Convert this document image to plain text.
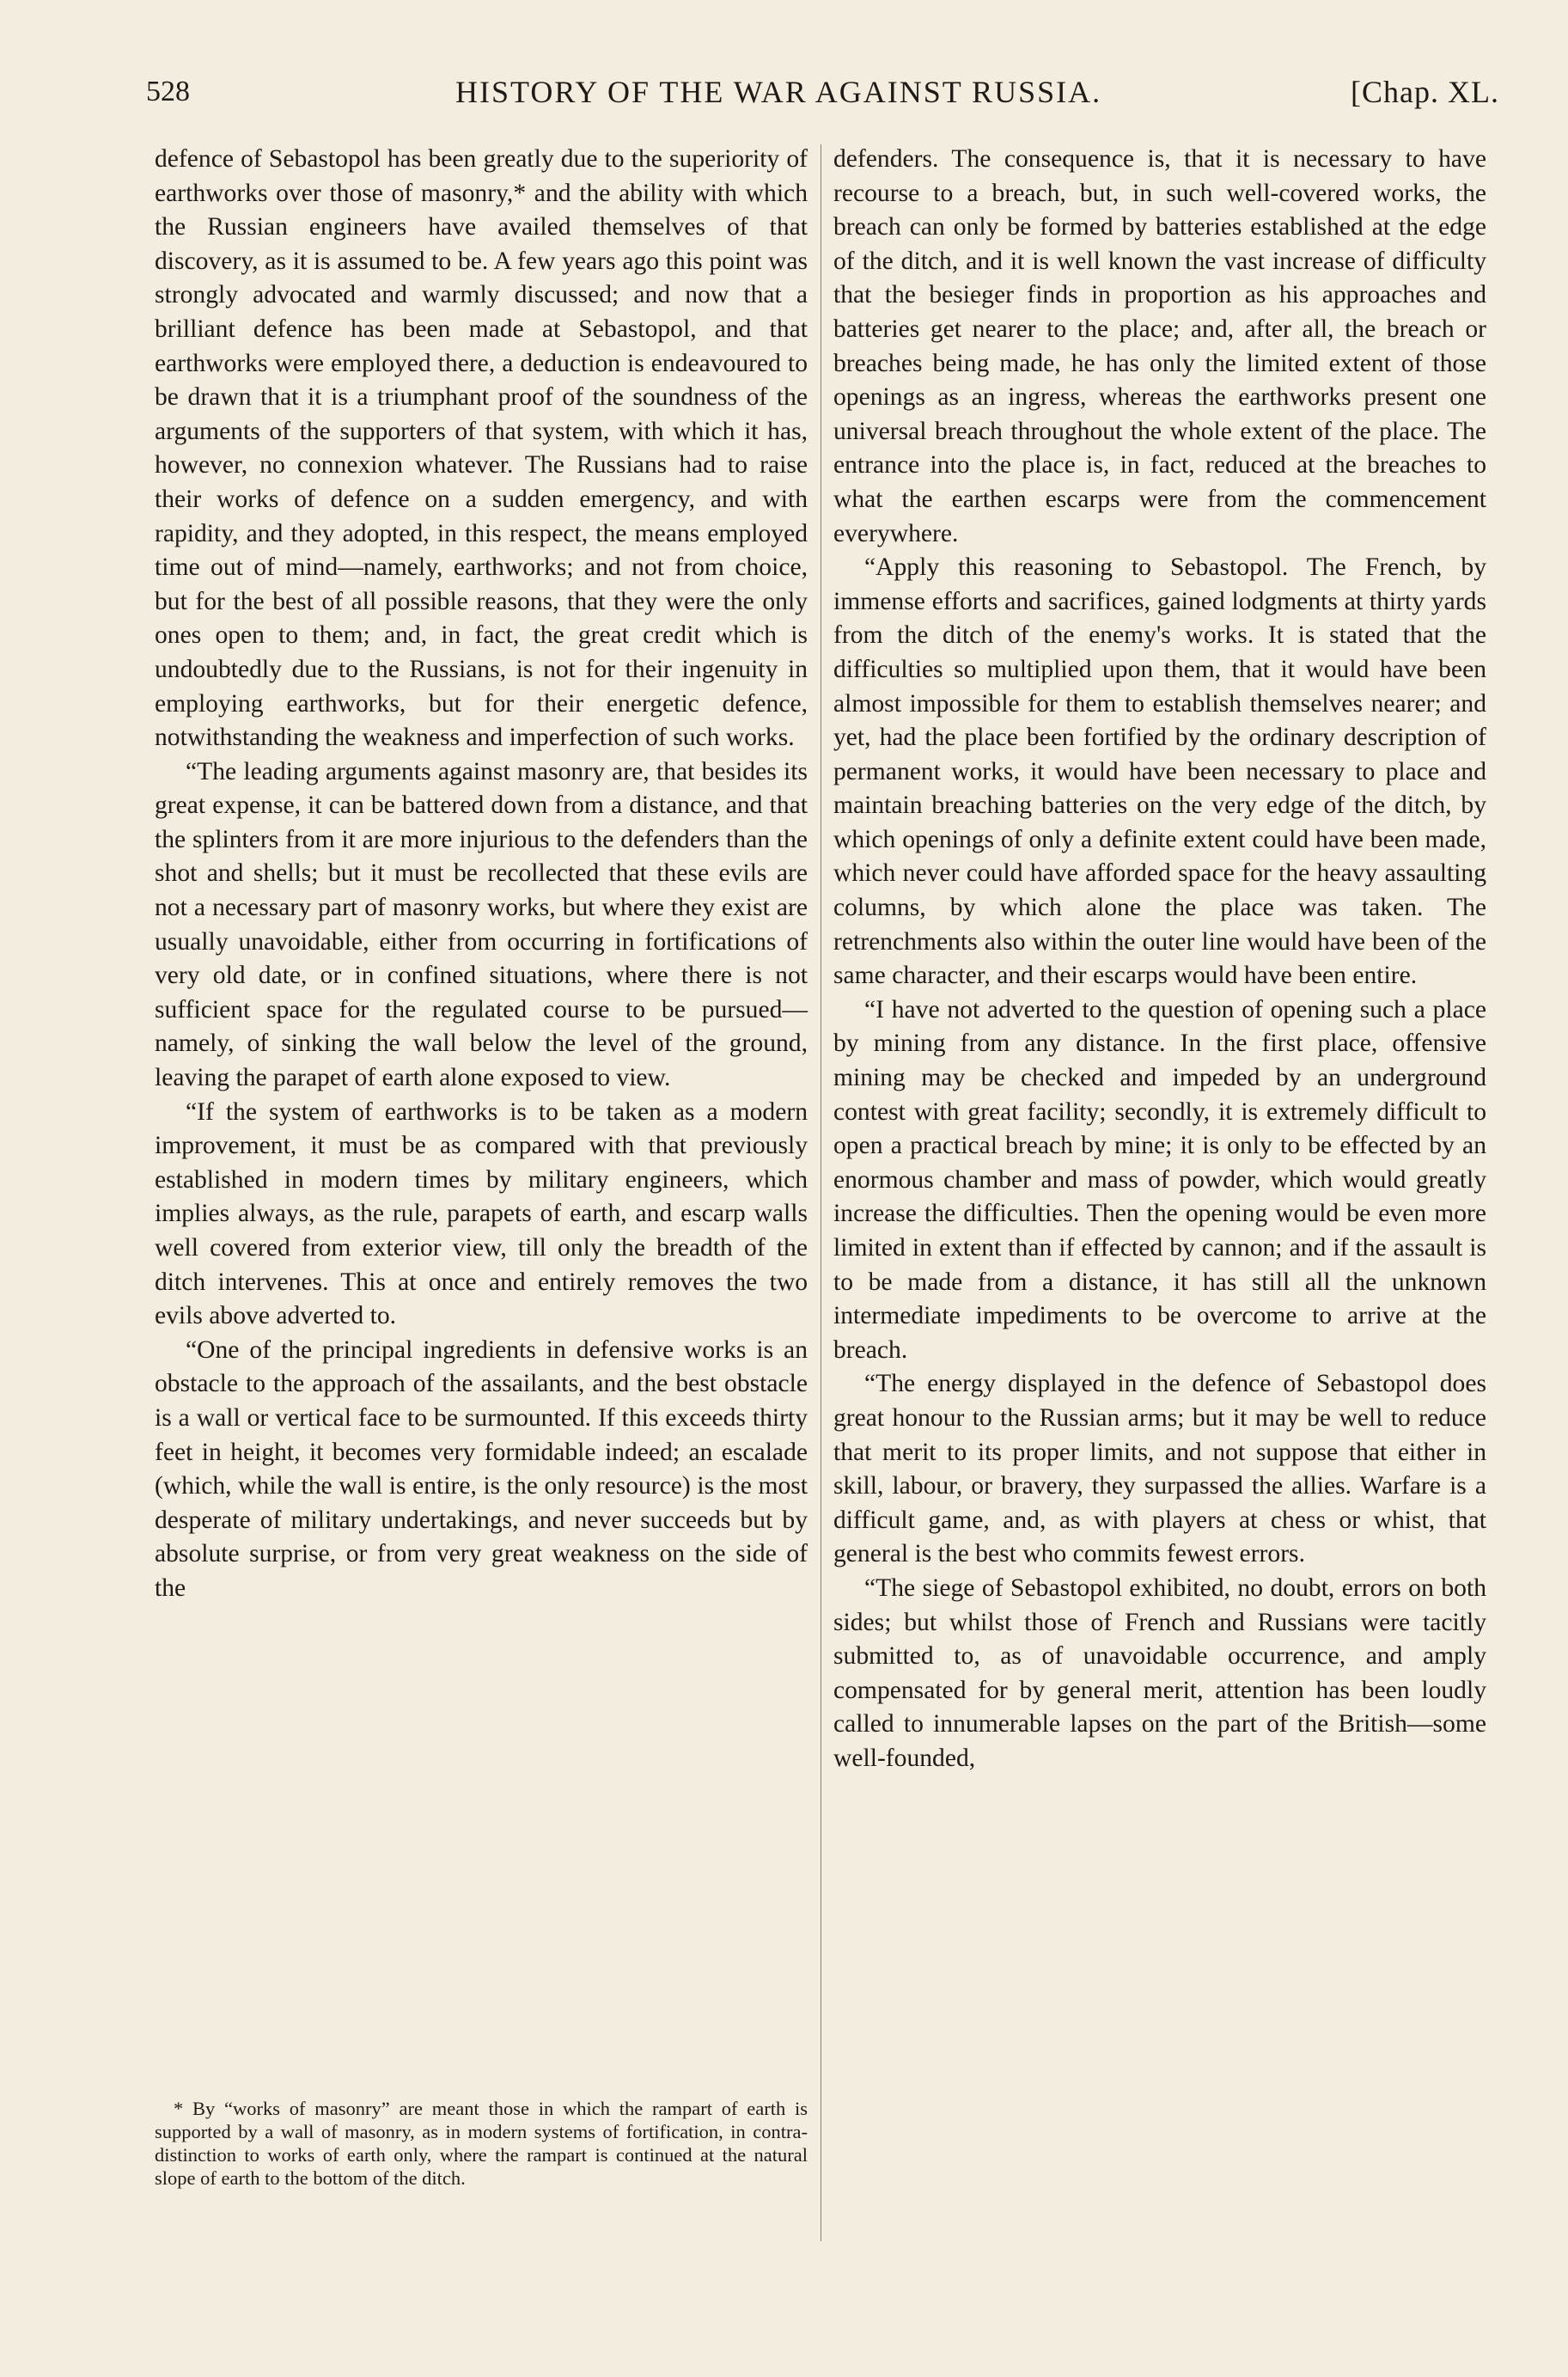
528	HISTORY OF THE WAR AGAINST RUSSIA.	[Chap. XL.

defence of Sebastopol has been greatly due to the superiority of earthworks over those of masonry,* and the ability with which the Russian engineers have availed themselves of that discovery, as it is assumed to be. A few years ago this point was strongly advocated and warmly discussed; and now that a brilliant defence has been made at Sebastopol, and that earthworks were employed there, a deduction is endeavoured to be drawn that it is a triumphant proof of the soundness of the arguments of the supporters of that system, with which it has, however, no connexion whatever. The Russians had to raise their works of defence on a sudden emergency, and with rapidity, and they adopted, in this respect, the means employed time out of mind—namely, earthworks; and not from choice, but for the best of all possible reasons, that they were the only ones open to them; and, in fact, the great credit which is undoubtedly due to the Russians, is not for their ingenuity in employing earthworks, but for their energetic defence, notwithstanding the weakness and imperfection of such works.

“The leading arguments against masonry are, that besides its great expense, it can be battered down from a distance, and that the splinters from it are more injurious to the defenders than the shot and shells; but it must be recollected that these evils are not a necessary part of masonry works, but where they exist are usually unavoidable, either from occurring in fortifications of very old date, or in confined situations, where there is not sufficient space for the regulated course to be pursued—namely, of sinking the wall below the level of the ground, leaving the parapet of earth alone exposed to view.

“If the system of earthworks is to be taken as a modern improvement, it must be as compared with that previously established in modern times by military engineers, which implies always, as the rule, parapets of earth, and escarp walls well covered from exterior view, till only the breadth of the ditch intervenes. This at once and entirely removes the two evils above adverted to.

“One of the principal ingredients in defensive works is an obstacle to the approach of the assailants, and the best obstacle is a wall or vertical face to be surmounted. If this exceeds thirty feet in height, it becomes very formidable indeed; an escalade (which, while the wall is entire, is the only resource) is the most desperate of military undertakings, and never succeeds but by absolute surprise, or from very great weakness on the side of the

defenders. The consequence is, that it is necessary to have recourse to a breach, but, in such well-covered works, the breach can only be formed by batteries established at the edge of the ditch, and it is well known the vast increase of difficulty that the besieger finds in proportion as his approaches and batteries get nearer to the place; and, after all, the breach or breaches being made, he has only the limited extent of those openings as an ingress, whereas the earthworks present one universal breach throughout the whole extent of the place. The entrance into the place is, in fact, reduced at the breaches to what the earthen escarps were from the commencement everywhere.

“Apply this reasoning to Sebastopol. The French, by immense efforts and sacrifices, gained lodgments at thirty yards from the ditch of the enemy's works. It is stated that the difficulties so multiplied upon them, that it would have been almost impossible for them to establish themselves nearer; and yet, had the place been fortified by the ordinary description of permanent works, it would have been necessary to place and maintain breaching batteries on the very edge of the ditch, by which openings of only a definite extent could have been made, which never could have afforded space for the heavy assaulting columns, by which alone the place was taken. The retrenchments also within the outer line would have been of the same character, and their escarps would have been entire.

“I have not adverted to the question of opening such a place by mining from any distance. In the first place, offensive mining may be checked and impeded by an underground contest with great facility; secondly, it is extremely difficult to open a practical breach by mine; it is only to be effected by an enormous chamber and mass of powder, which would greatly increase the difficulties. Then the opening would be even more limited in extent than if effected by cannon; and if the assault is to be made from a distance, it has still all the unknown intermediate impediments to be overcome to arrive at the breach.

“The energy displayed in the defence of Sebastopol does great honour to the Russian arms; but it may be well to reduce that merit to its proper limits, and not suppose that either in skill, labour, or bravery, they surpassed the allies. Warfare is a difficult game, and, as with players at chess or whist, that general is the best who commits fewest errors.

“The siege of Sebastopol exhibited, no doubt, errors on both sides; but whilst those of French and Russians were tacitly submitted to, as of unavoidable occurrence, and amply compensated for by general merit, attention has been loudly called to innumerable lapses on the part of the British—some well-founded,

* By “works of masonry” are meant those in which the rampart of earth is supported by a wall of masonry, as in modern systems of fortification, in contra-distinction to works of earth only, where the rampart is continued at the natural slope of earth to the bottom of the ditch.
